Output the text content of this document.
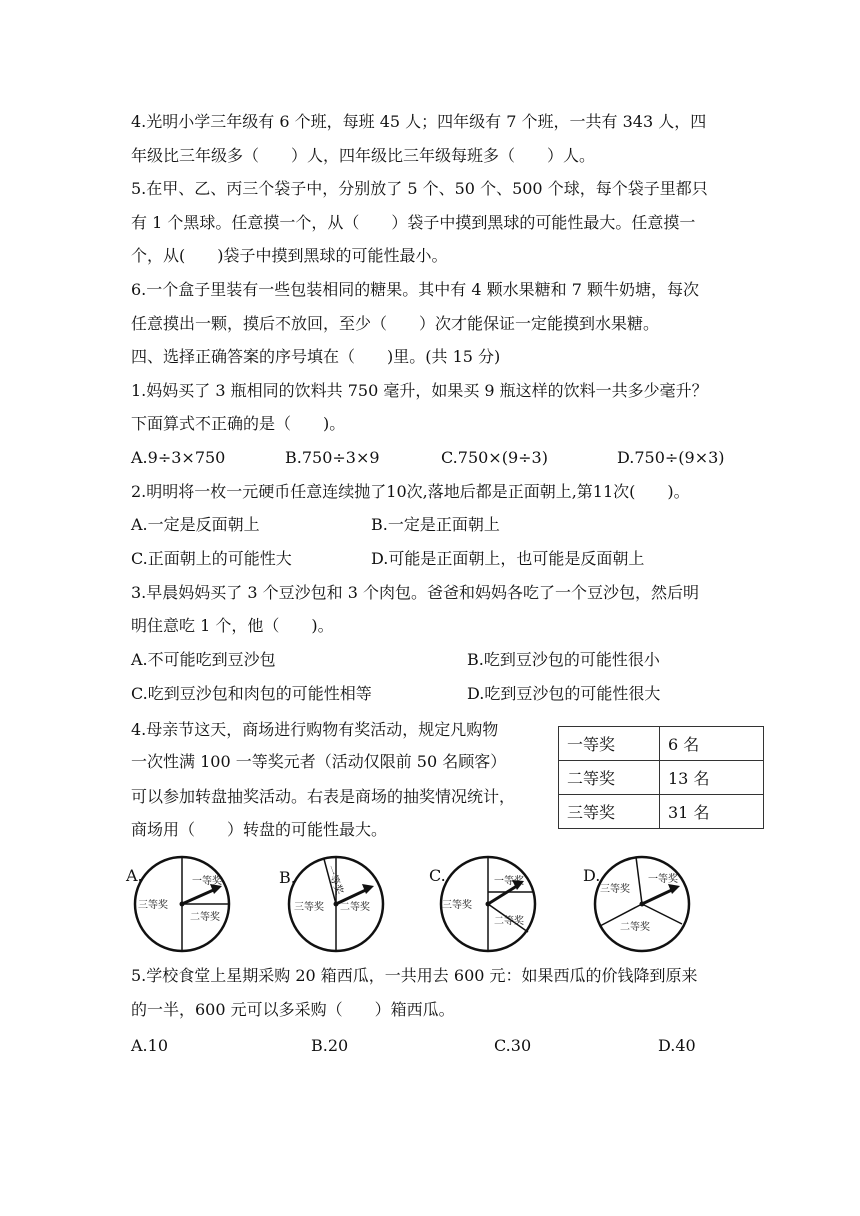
4.光明小学三年级有 6 个班，每班 45 人；四年级有 7 个班，一共有 343 人，四
年级比三年级多（　　）人，四年级比三年级每班多（　　）人。
5.在甲、乙、丙三个袋子中，分别放了 5 个、50 个、500 个球，每个袋子里都只
有 1 个黑球。任意摸一个，从（　　）袋子中摸到黑球的可能性最大。任意摸一
个，从(　　)袋子中摸到黑球的可能性最小。
6.一个盒子里装有一些包装相同的糖果。其中有 4 颗水果糖和 7 颗牛奶塘，每次
任意摸出一颗，摸后不放回，至少（　　）次才能保证一定能摸到水果糖。
四、选择正确答案的序号填在（　　)里。(共 15 分)
1.妈妈买了 3 瓶相同的饮料共 750 毫升，如果买 9 瓶这样的饮料一共多少毫升？
下面算式不正确的是（　　)。
A.9÷3×750	B.750÷3×9	C.750×(9÷3)	D.750÷(9×3)
2.明明将一枚一元硬币任意连续抛了10次,落地后都是正面朝上,第11次(　　)。
A.一定是反面朝上	B.一定是正面朝上
C.正面朝上的可能性大	D.可能是正面朝上，也可能是反面朝上
3.早晨妈妈买了 3 个豆沙包和 3 个肉包。爸爸和妈妈各吃了一个豆沙包，然后明
明住意吃 1 个，他（　　)。
A.不可能吃到豆沙包	B.吃到豆沙包的可能性很小
C.吃到豆沙包和肉包的可能性相等	D.吃到豆沙包的可能性很大
4.母亲节这天，商场进行购物有奖活动，规定凡购物
一次性满 100 一等奖元者（活动仅限前 50 名顾客）
可以参加转盘抽奖活动。右表是商场的抽奖情况统计，
商场用（　　）转盘的可能性最大。
一等奖	6 名
二等奖	13 名
三等奖	31 名
A.	B.	C.	D.
一等奖
三等奖
二等奖
一等奖
三等奖 二等奖
一等奖
三等奖
二等奖
一等奖
三等奖
二等奖
5.学校食堂上星期采购 20 箱西瓜，一共用去 600 元：如果西瓜的价钱降到原来
的一半，600 元可以多采购（　　）箱西瓜。
A.10	B.20	C.30	D.40
